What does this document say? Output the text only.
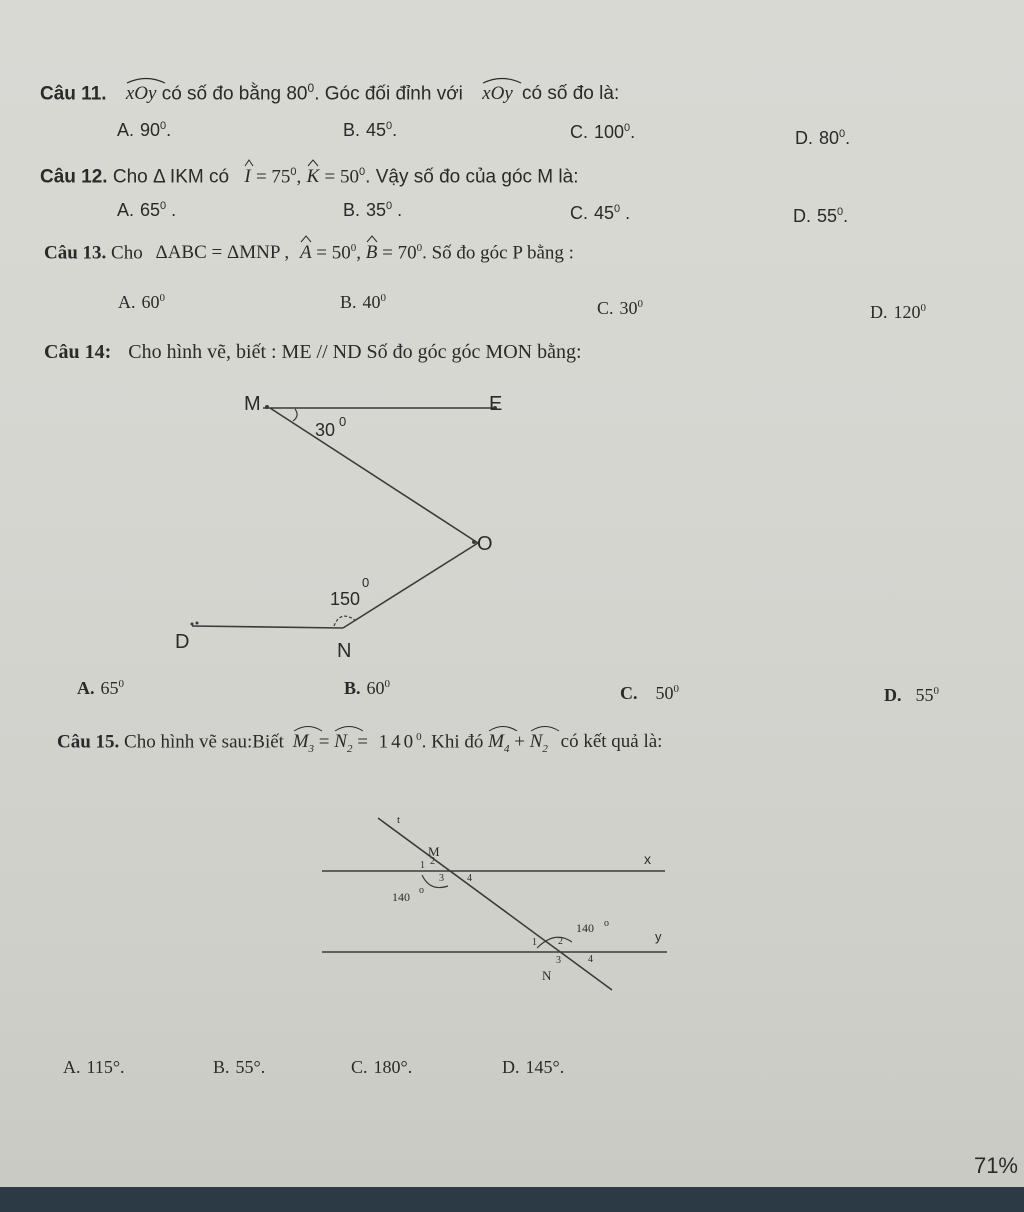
Câu 11. xOy có số đo bằng $80^0$. Góc đối đỉnh với xOy có số đo là:
A. $90^0$.	B. $45^0$.	C. $100^0$.	D. $80^0$.
Câu 12. Cho Δ IKM có $I = 75^0$, $K = 50^0$. Vậy số đo của góc M là:
A. $65^0$ .	B. $35^0$ .	C. $45^0$ .	D. $55^0$.
Câu 13. Cho ΔABC = ΔMNP , $A = 50^0$, $B = 70^0$. Số đo góc P bằng :
A. $60^0$	B. $40^0$	C. $30^0$	D. $120^0$
Câu 14: Cho hình vẽ, biết : ME // ND Số đo góc góc MON bằng:
M	E
O
D	N
30 0
150
0
A. $65^0$	B. $60^0$	C. $50^0$	D. $55^0$
Câu 15. Cho hình vẽ sau:Biết $M_3 = N_2 = 140^0$. Khi đó $M_4 + N_2$ có kết quả là:
t
M	x
y
N
1 2
3 4
1 2
3	4
140 o
140 o
A. 115°.	B. 55°.	C. 180°.	D. 145°.
71%
